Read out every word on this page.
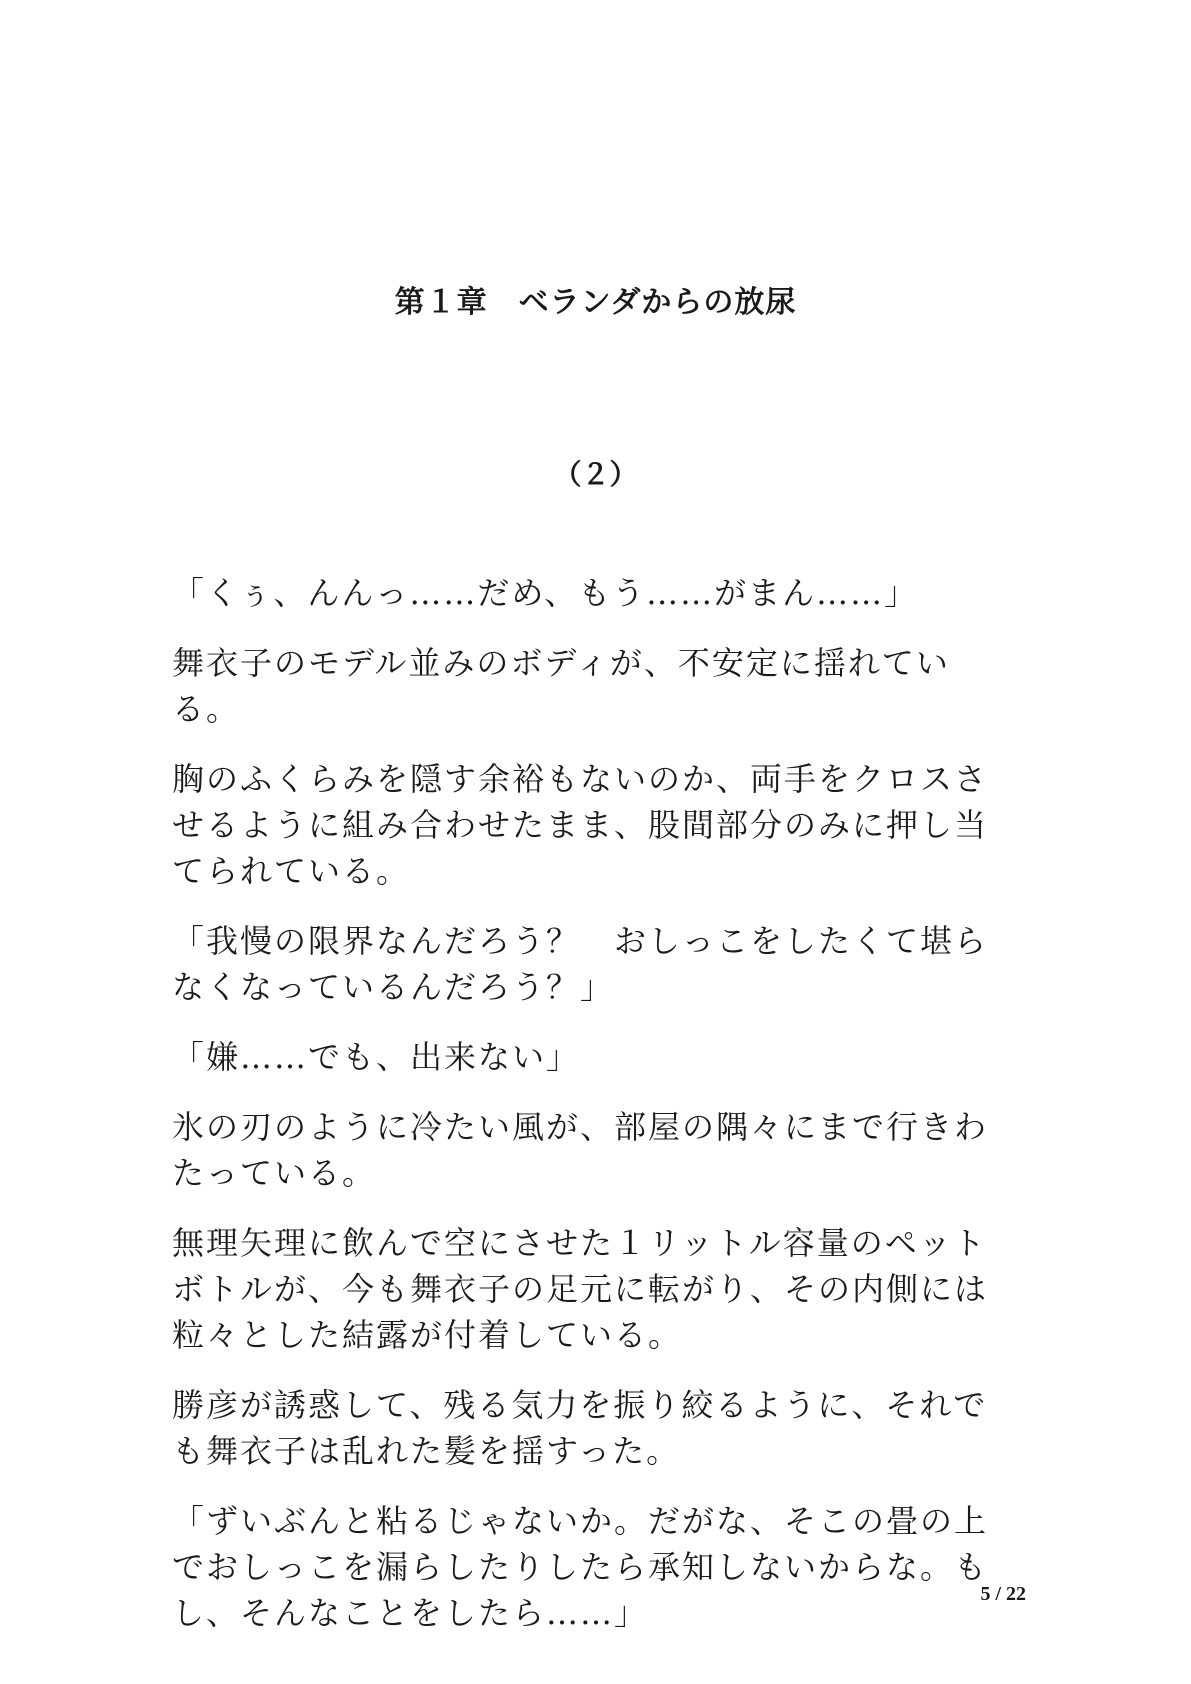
第１章　ベランダからの放尿
（２）

「くぅ、んんっ……だめ、もう……がまん……」

舞衣子のモデル並みのボディが、不安定に揺れている。

胸のふくらみを隠す余裕もないのか、両手をクロスさせるように組み合わせたまま、股間部分のみに押し当てられている。

「我慢の限界なんだろう？　おしっこをしたくて堪らなくなっているんだろう？」

「嫌……でも、出来ない」

氷の刃のように冷たい風が、部屋の隅々にまで行きわたっている。

無理矢理に飲んで空にさせた１リットル容量のペットボトルが、今も舞衣子の足元に転がり、その内側には粒々とした結露が付着している。

勝彦が誘惑して、残る気力を振り絞るように、それでも舞衣子は乱れた髪を揺すった。

「ずいぶんと粘るじゃないか。だがな、そこの畳の上でおしっこを漏らしたりしたら承知しないからな。もし、そんなことをしたら……」	5 / 22
